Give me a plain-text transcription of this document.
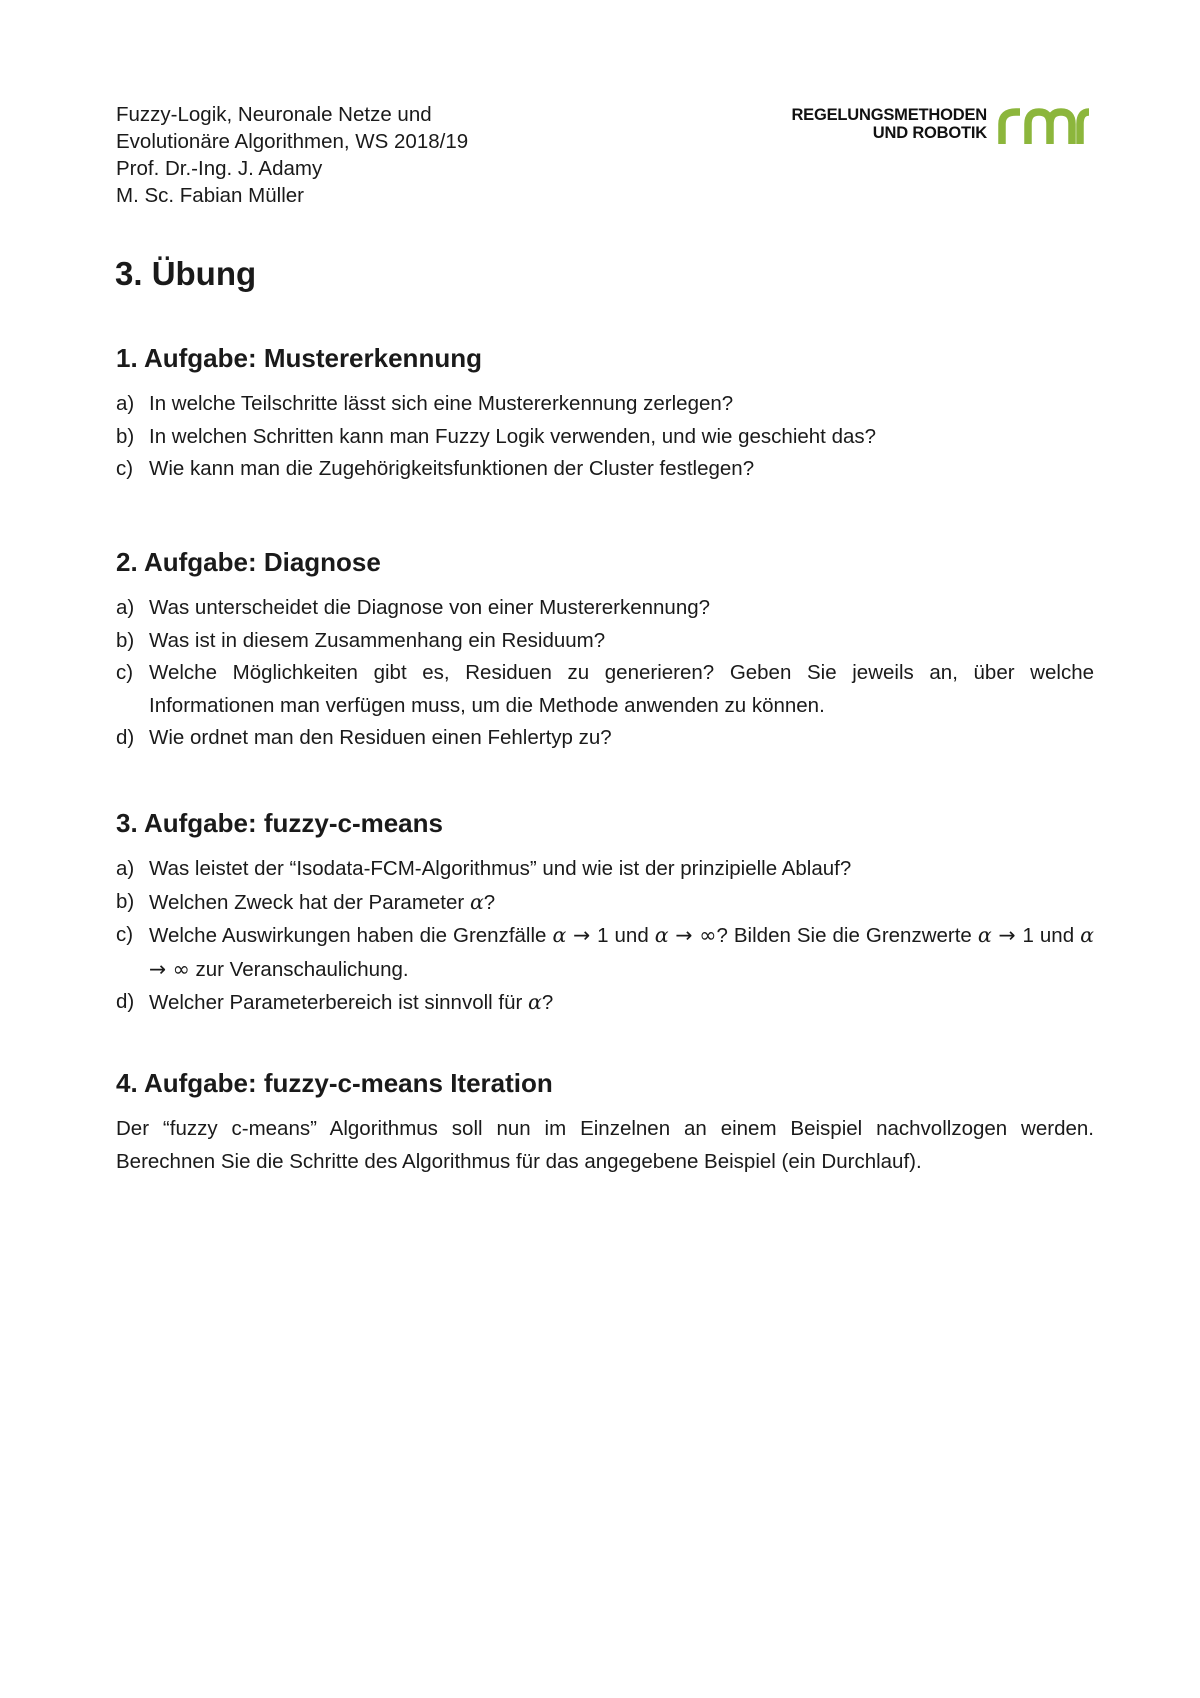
Fuzzy-Logik, Neuronale Netze und
Evolutionäre Algorithmen, WS 2018/19
Prof. Dr.-Ing. J. Adamy
M. Sc. Fabian Müller
REGELUNGSMETHODEN
UND ROBOTIK
3. Übung
1. Aufgabe: Mustererkennung
a) In welche Teilschritte lässt sich eine Mustererkennung zerlegen?
b) In welchen Schritten kann man Fuzzy Logik verwenden, und wie geschieht das?
c) Wie kann man die Zugehörigkeitsfunktionen der Cluster festlegen?
2. Aufgabe: Diagnose
a) Was unterscheidet die Diagnose von einer Mustererkennung?
b) Was ist in diesem Zusammenhang ein Residuum?
c) Welche Möglichkeiten gibt es, Residuen zu generieren? Geben Sie jeweils an, über welche Informationen man verfügen muss, um die Methode anwenden zu können.
d) Wie ordnet man den Residuen einen Fehlertyp zu?
3. Aufgabe: fuzzy-c-means
a) Was leistet der “Isodata-FCM-Algorithmus” und wie ist der prinzipielle Ablauf?
b) Welchen Zweck hat der Parameter α?
c) Welche Auswirkungen haben die Grenzfälle α → 1 und α → ∞? Bilden Sie die Grenzwerte α → 1 und α → ∞ zur Veranschaulichung.
d) Welcher Parameterbereich ist sinnvoll für α?
4. Aufgabe: fuzzy-c-means Iteration

Der “fuzzy c-means” Algorithmus soll nun im Einzelnen an einem Beispiel nachvollzogen werden. Berechnen Sie die Schritte des Algorithmus für das angegebene Beispiel (ein Durchlauf).
